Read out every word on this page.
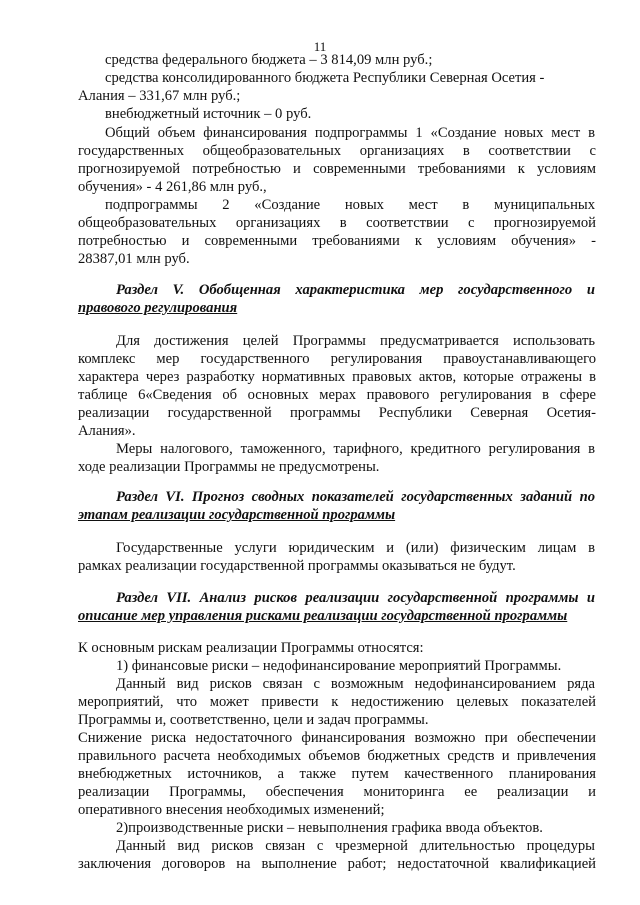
11
средства федерального бюджета – 3 814,09 млн руб.;
средства консолидированного бюджета Республики Северная Осетия -
Алания – 331,67 млн руб.;
внебюджетный источник – 0 руб.
Общий объем финансирования подпрограммы 1 «Создание новых мест в
государственных общеобразовательных организациях в соответствии с
прогнозируемой потребностью и современными требованиями к условиям
обучения» - 4 261,86 млн руб.,
подпрограммы 2 «Создание новых мест в муниципальных
общеобразовательных организациях в соответствии с прогнозируемой
потребностью и современными требованиями к условиям обучения» -
28387,01 млн руб.
Раздел V. Обобщенная характеристика мер государственного и
правового регулирования
Для достижения целей Программы предусматривается использовать
комплекс мер государственного регулирования правоустанавливающего
характера через разработку нормативных правовых актов, которые отражены в
таблице 6«Сведения об основных мерах правового регулирования в сфере
реализации государственной программы Республики Северная Осетия-
Алания».
Меры налогового, таможенного, тарифного, кредитного регулирования в
ходе реализации Программы не предусмотрены.
Раздел VI. Прогноз сводных показателей государственных заданий по
этапам реализации государственной программы
Государственные услуги юридическим и (или) физическим лицам в
рамках реализации государственной программы оказываться не будут.
Раздел VII. Анализ рисков реализации государственной программы и
описание мер управления рисками реализации государственной программы
К основным рискам реализации Программы относятся:
1) финансовые риски – недофинансирование мероприятий Программы.
Данный вид рисков связан с возможным недофинансированием ряда
мероприятий, что может привести к недостижению целевых показателей
Программы и, соответственно, цели и задач программы.
Снижение риска недостаточного финансирования возможно при обеспечении
правильного расчета необходимых объемов бюджетных средств и привлечения
внебюджетных источников, а также путем качественного планирования
реализации Программы, обеспечения мониторинга ее реализации и
оперативного внесения необходимых изменений;
2)производственные риски – невыполнения графика ввода объектов.
Данный вид рисков связан с чрезмерной длительностью процедуры
заключения договоров на выполнение работ; недостаточной квалификацией
